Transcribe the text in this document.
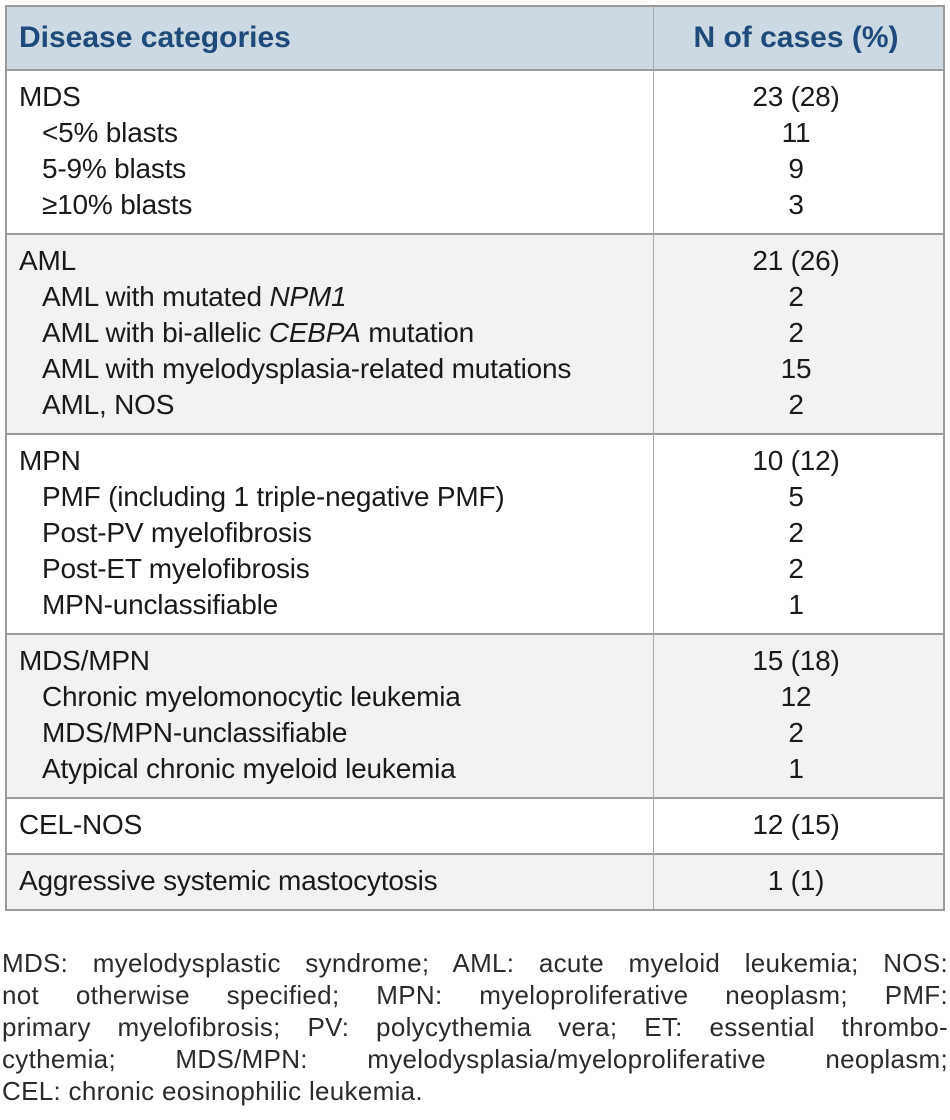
Disease categories	N of cases (%)
MDS	23 (28)
<5% blasts	11
5-9% blasts	9
≥10% blasts	3
AML	21 (26)
AML with mutated NPM1	2
AML with bi-allelic CEBPA mutation	2
AML with myelodysplasia-related mutations	15
AML, NOS	2
MPN	10 (12)
PMF (including 1 triple-negative PMF)	5
Post-PV myelofibrosis	2
Post-ET myelofibrosis	2
MPN-unclassifiable	1
MDS/MPN	15 (18)
Chronic myelomonocytic leukemia	12
MDS/MPN-unclassifiable	2
Atypical chronic myeloid leukemia	1
CEL-NOS	12 (15)
Aggressive systemic mastocytosis	1 (1)
MDS: myelodysplastic syndrome; AML: acute myeloid leukemia; NOS:
not otherwise specified; MPN: myeloproliferative neoplasm; PMF:
primary myelofibrosis; PV: polycythemia vera; ET: essential thrombo-
cythemia; MDS/MPN: myelodysplasia/myeloproliferative neoplasm;
CEL: chronic eosinophilic leukemia.
